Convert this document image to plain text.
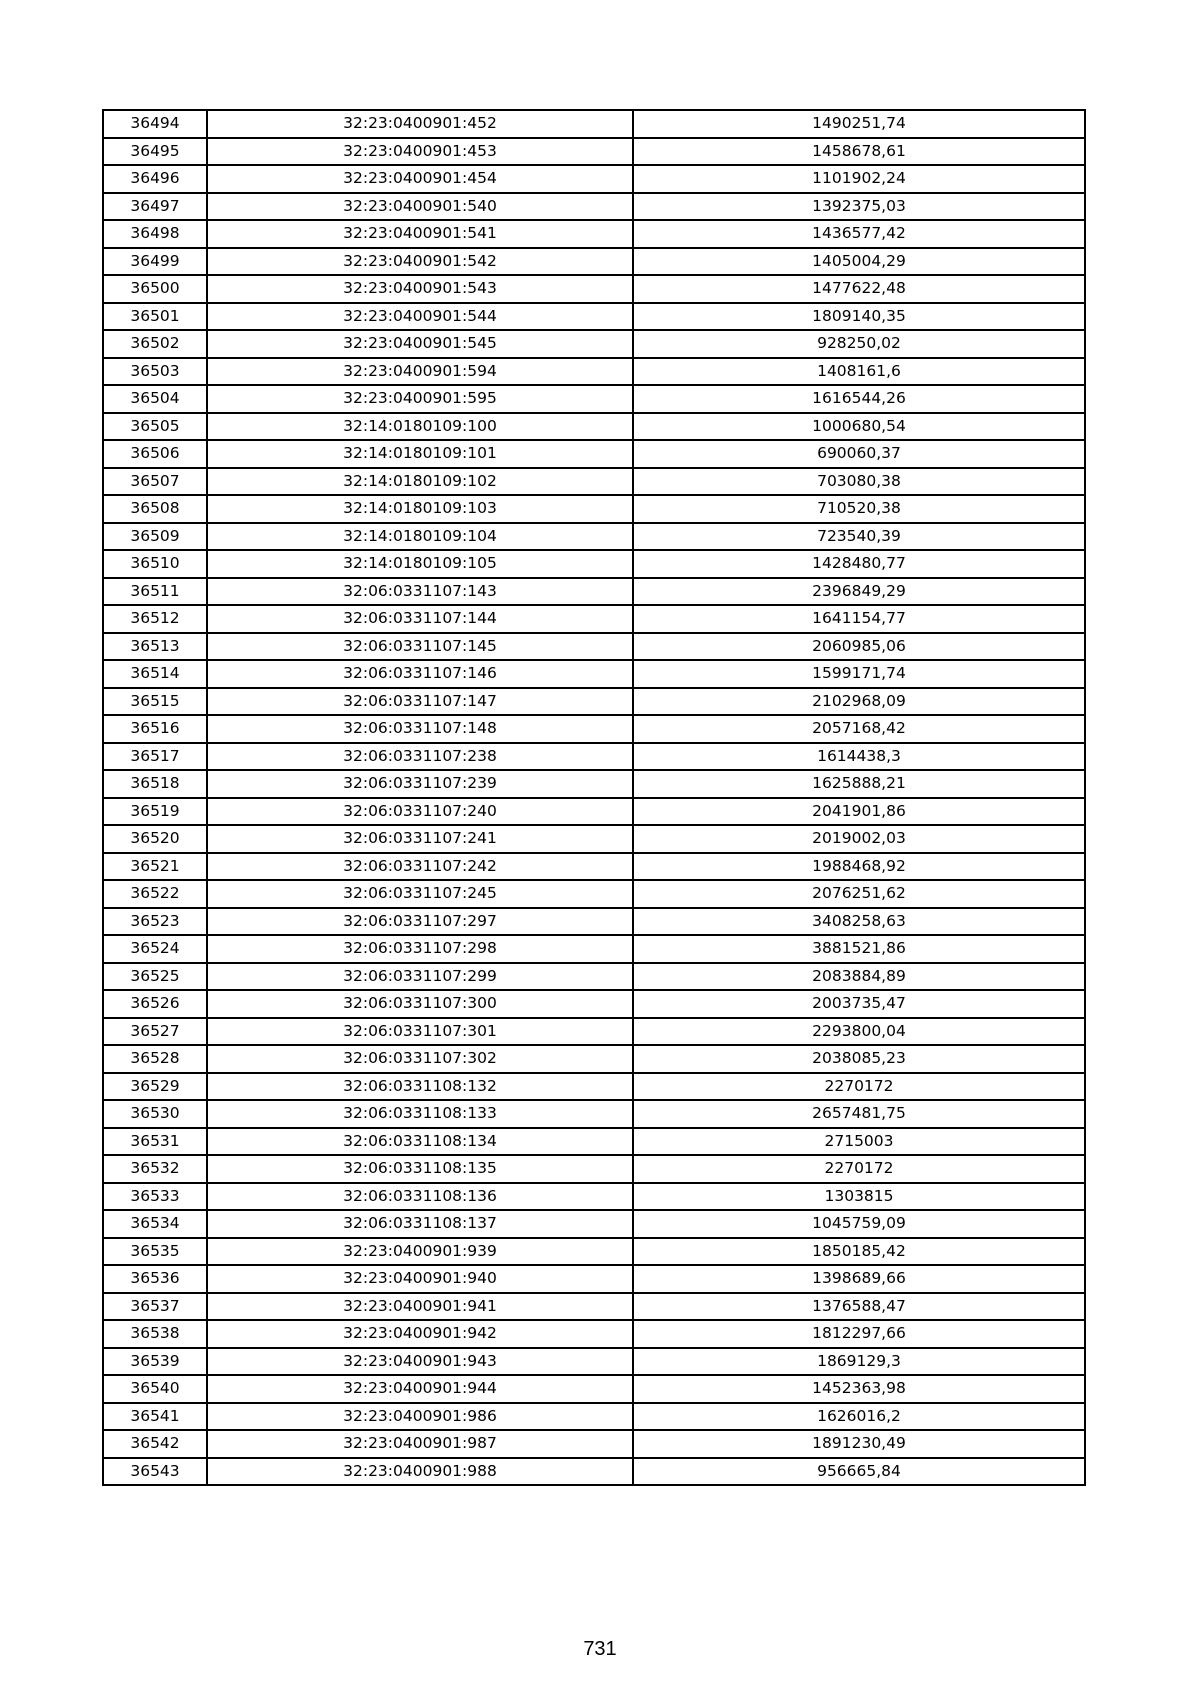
36494	32:23:0400901:452	1490251,74
36495	32:23:0400901:453	1458678,61
36496	32:23:0400901:454	1101902,24
36497	32:23:0400901:540	1392375,03
36498	32:23:0400901:541	1436577,42
36499	32:23:0400901:542	1405004,29
36500	32:23:0400901:543	1477622,48
36501	32:23:0400901:544	1809140,35
36502	32:23:0400901:545	928250,02
36503	32:23:0400901:594	1408161,6
36504	32:23:0400901:595	1616544,26
36505	32:14:0180109:100	1000680,54
36506	32:14:0180109:101	690060,37
36507	32:14:0180109:102	703080,38
36508	32:14:0180109:103	710520,38
36509	32:14:0180109:104	723540,39
36510	32:14:0180109:105	1428480,77
36511	32:06:0331107:143	2396849,29
36512	32:06:0331107:144	1641154,77
36513	32:06:0331107:145	2060985,06
36514	32:06:0331107:146	1599171,74
36515	32:06:0331107:147	2102968,09
36516	32:06:0331107:148	2057168,42
36517	32:06:0331107:238	1614438,3
36518	32:06:0331107:239	1625888,21
36519	32:06:0331107:240	2041901,86
36520	32:06:0331107:241	2019002,03
36521	32:06:0331107:242	1988468,92
36522	32:06:0331107:245	2076251,62
36523	32:06:0331107:297	3408258,63
36524	32:06:0331107:298	3881521,86
36525	32:06:0331107:299	2083884,89
36526	32:06:0331107:300	2003735,47
36527	32:06:0331107:301	2293800,04
36528	32:06:0331107:302	2038085,23
36529	32:06:0331108:132	2270172
36530	32:06:0331108:133	2657481,75
36531	32:06:0331108:134	2715003
36532	32:06:0331108:135	2270172
36533	32:06:0331108:136	1303815
36534	32:06:0331108:137	1045759,09
36535	32:23:0400901:939	1850185,42
36536	32:23:0400901:940	1398689,66
36537	32:23:0400901:941	1376588,47
36538	32:23:0400901:942	1812297,66
36539	32:23:0400901:943	1869129,3
36540	32:23:0400901:944	1452363,98
36541	32:23:0400901:986	1626016,2
36542	32:23:0400901:987	1891230,49
36543	32:23:0400901:988	956665,84
731
